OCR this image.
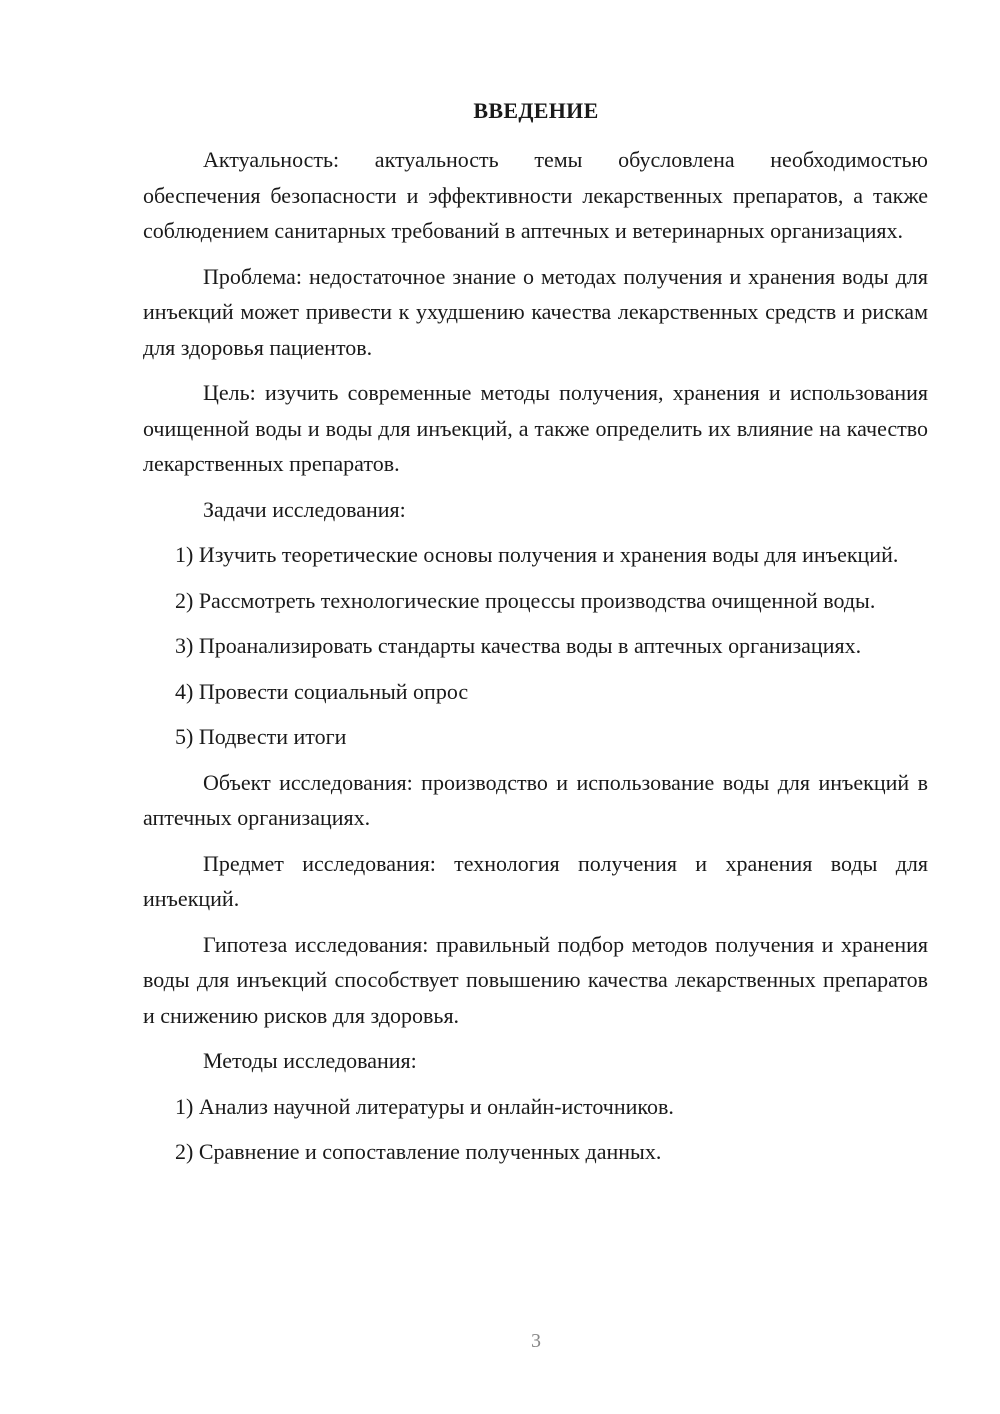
ВВЕДЕНИЕ

Актуальность: актуальность темы обусловлена необходимостью обеспечения безопасности и эффективности лекарственных препаратов, а также соблюдением санитарных требований в аптечных и ветеринарных организациях.

Проблема: недостаточное знание о методах получения и хранения воды для инъекций может привести к ухудшению качества лекарственных средств и рискам для здоровья пациентов.

Цель: изучить современные методы получения, хранения и использования очищенной воды и воды для инъекций, а также определить их влияние на качество лекарственных препаратов.

Задачи исследования:

1) Изучить теоретические основы получения и хранения воды для инъекций.

2) Рассмотреть технологические процессы производства очищенной воды.

3) Проанализировать стандарты качества воды в аптечных организациях.

4) Провести социальный опрос

5) Подвести итоги

Объект исследования: производство и использование воды для инъекций в аптечных организациях.

Предмет исследования: технология получения и хранения воды для инъекций.

Гипотеза исследования: правильный подбор методов получения и хранения воды для инъекций способствует повышению качества лекарственных препаратов и снижению рисков для здоровья.

Методы исследования:

1) Анализ научной литературы и онлайн-источников.

2) Сравнение и сопоставление полученных данных.

3
